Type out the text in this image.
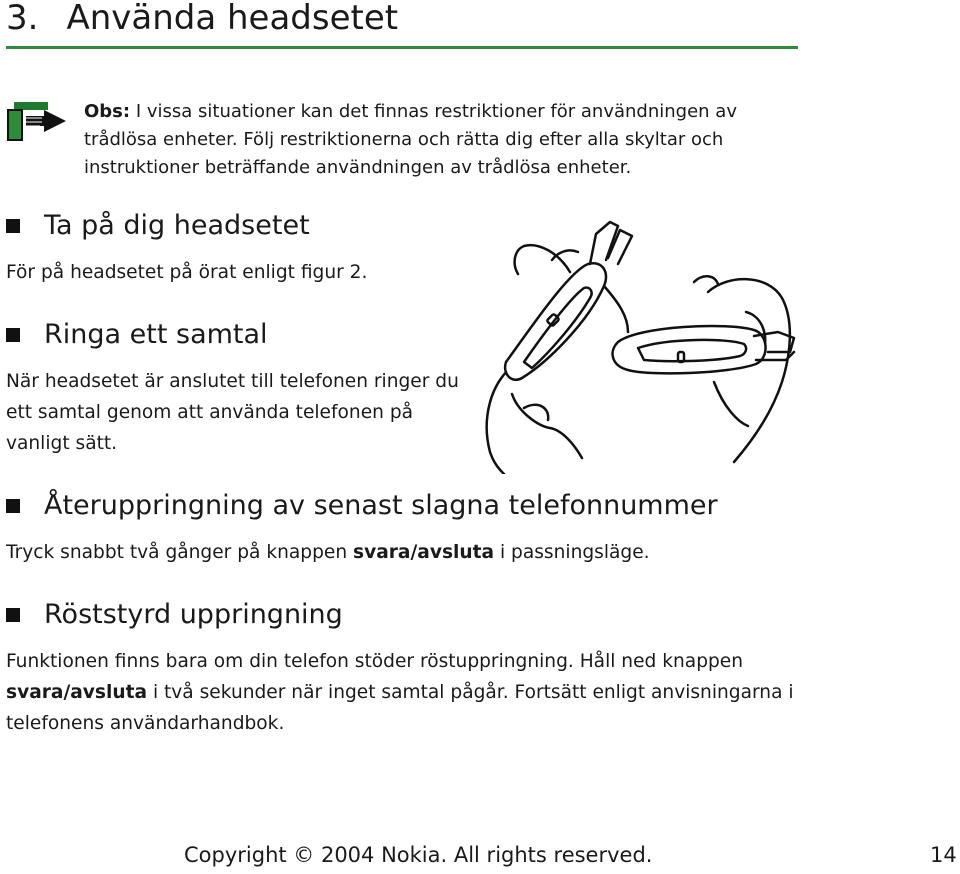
3. Använda headsetet

Obs: I vissa situationer kan det finnas restriktioner för användningen av trådlösa enheter. Följ restriktionerna och rätta dig efter alla skyltar och instruktioner beträffande användningen av trådlösa enheter.

Ta på dig headsetet

För på headsetet på örat enligt figur 2.

Ringa ett samtal

När headsetet är anslutet till telefonen ringer du ett samtal genom att använda telefonen på vanligt sätt.

Återuppringning av senast slagna telefonnummer

Tryck snabbt två gånger på knappen svara/avsluta i passningsläge.

Röststyrd uppringning

Funktionen finns bara om din telefon stöder röstuppringning. Håll ned knappen svara/avsluta i två sekunder när inget samtal pågår. Fortsätt enligt anvisningarna i telefonens användarhandbok.

Copyright © 2004 Nokia. All rights reserved.	14
